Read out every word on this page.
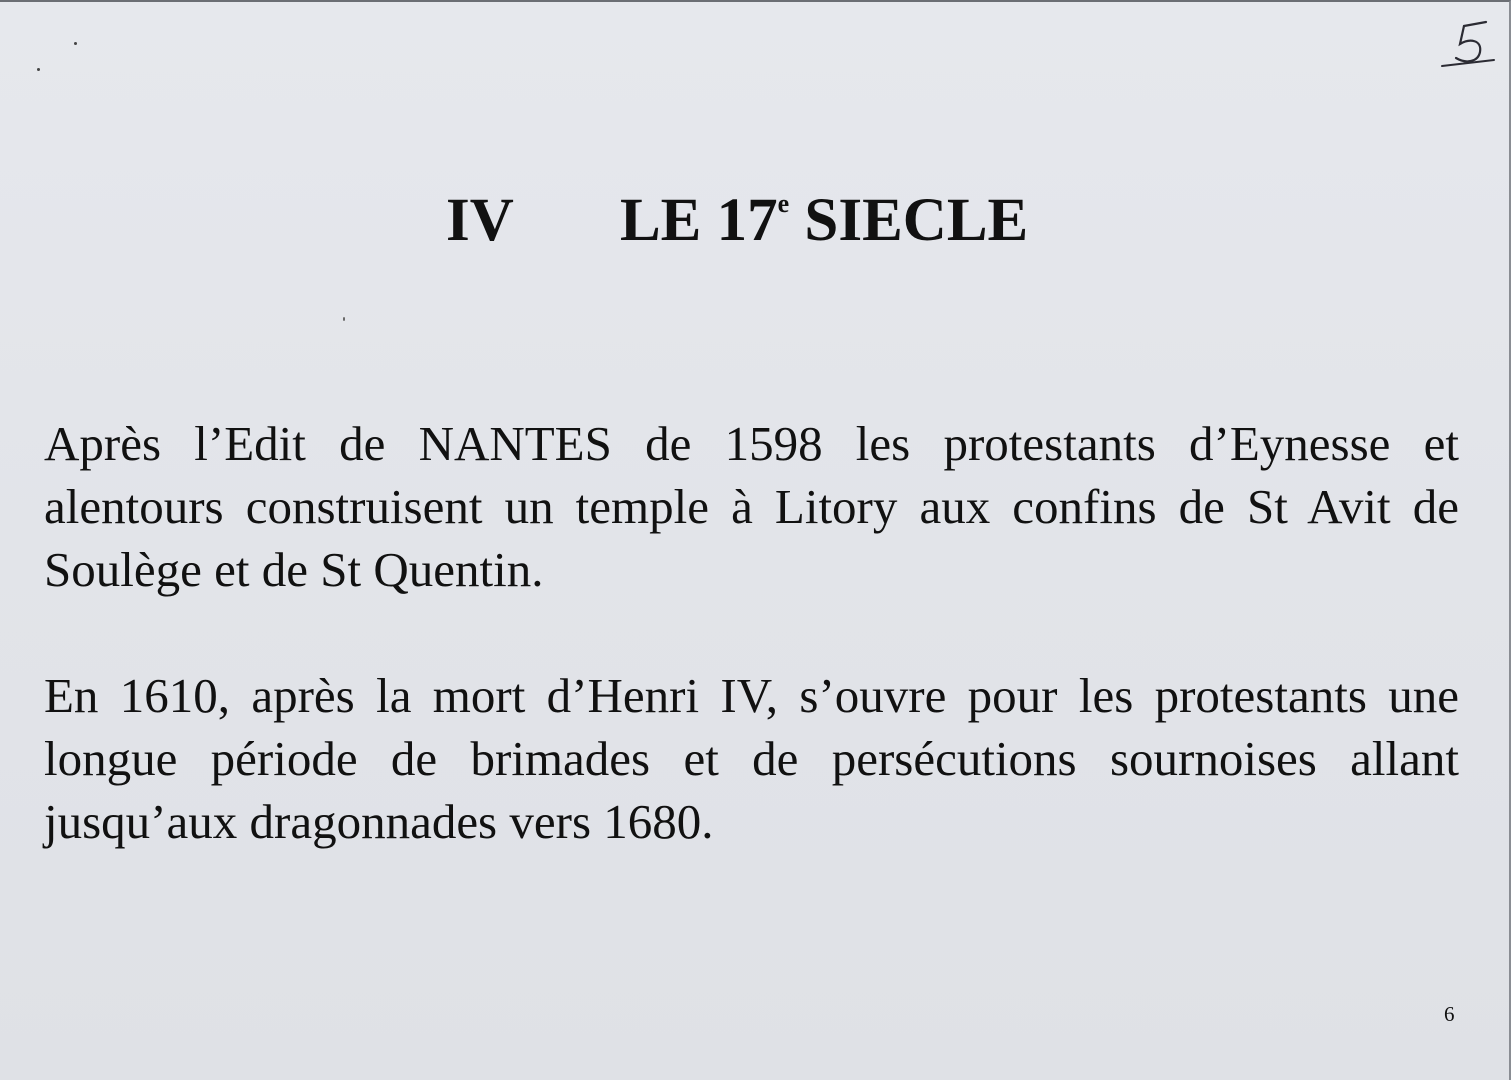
IV LE 17e SIECLE

Après l’Edit de NANTES de 1598 les protestants d’Eynesse et alentours construisent un temple à Litory aux confins de St Avit de Soulège et de St Quentin.

En 1610, après la mort d’Henri IV, s’ouvre pour les protestants une longue période de brimades et de persécutions sournoises allant jusqu’aux dragonnades vers 1680.

6
